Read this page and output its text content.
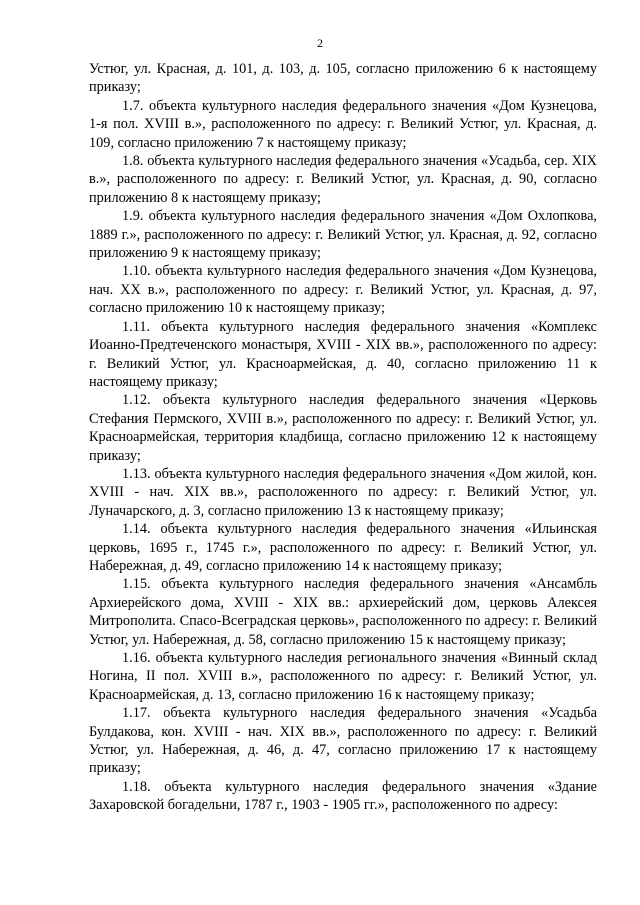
2

Устюг, ул. Красная, д. 101, д. 103, д. 105, согласно приложению 6 к настоящему приказу;

1.7. объекта культурного наследия федерального значения «Дом Кузнецова, 1-я пол. XVIII в.», расположенного по адресу: г. Великий Устюг, ул. Красная, д. 109, согласно приложению 7 к настоящему приказу;

1.8. объекта культурного наследия федерального значения «Усадьба, сер. XIX в.», расположенного по адресу: г. Великий Устюг, ул. Красная, д. 90, согласно приложению 8 к настоящему приказу;

1.9. объекта культурного наследия федерального значения «Дом Охлопкова, 1889 г.», расположенного по адресу: г. Великий Устюг, ул. Красная, д. 92, согласно приложению 9 к настоящему приказу;

1.10. объекта культурного наследия федерального значения «Дом Кузнецова, нач. XX в.», расположенного по адресу: г. Великий Устюг, ул. Красная, д. 97, согласно приложению 10 к настоящему приказу;

1.11. объекта культурного наследия федерального значения «Комплекс Иоанно-Предтеченского монастыря, XVIII - XIX вв.», расположенного по адресу: г. Великий Устюг, ул. Красноармейская, д. 40, согласно приложению 11 к настоящему приказу;

1.12. объекта культурного наследия федерального значения «Церковь Стефания Пермского, XVIII в.», расположенного по адресу: г. Великий Устюг, ул. Красноармейская, территория кладбища, согласно приложению 12 к настоящему приказу;

1.13. объекта культурного наследия федерального значения «Дом жилой, кон. XVIII - нач. XIX вв.», расположенного по адресу: г. Великий Устюг, ул. Луначарского, д. 3, согласно приложению 13 к настоящему приказу;

1.14. объекта культурного наследия федерального значения «Ильинская церковь, 1695 г., 1745 г.», расположенного по адресу: г. Великий Устюг, ул. Набережная, д. 49, согласно приложению 14 к настоящему приказу;

1.15. объекта культурного наследия федерального значения «Ансамбль Архиерейского дома, XVIII - XIX вв.: архиерейский дом, церковь Алексея Митрополита. Спасо-Всеградская церковь», расположенного по адресу: г. Великий Устюг, ул. Набережная, д. 58, согласно приложению 15 к настоящему приказу;

1.16. объекта культурного наследия регионального значения «Винный склад Ногина, II пол. XVIII в.», расположенного по адресу: г. Великий Устюг, ул. Красноармейская, д. 13, согласно приложению 16 к настоящему приказу;

1.17. объекта культурного наследия федерального значения «Усадьба Булдакова, кон. XVIII - нач. XIX вв.», расположенного по адресу: г. Великий Устюг, ул. Набережная, д. 46, д. 47, согласно приложению 17 к настоящему приказу;

1.18. объекта культурного наследия федерального значения «Здание Захаровской богадельни, 1787 г., 1903 - 1905 гг.», расположенного по адресу:
